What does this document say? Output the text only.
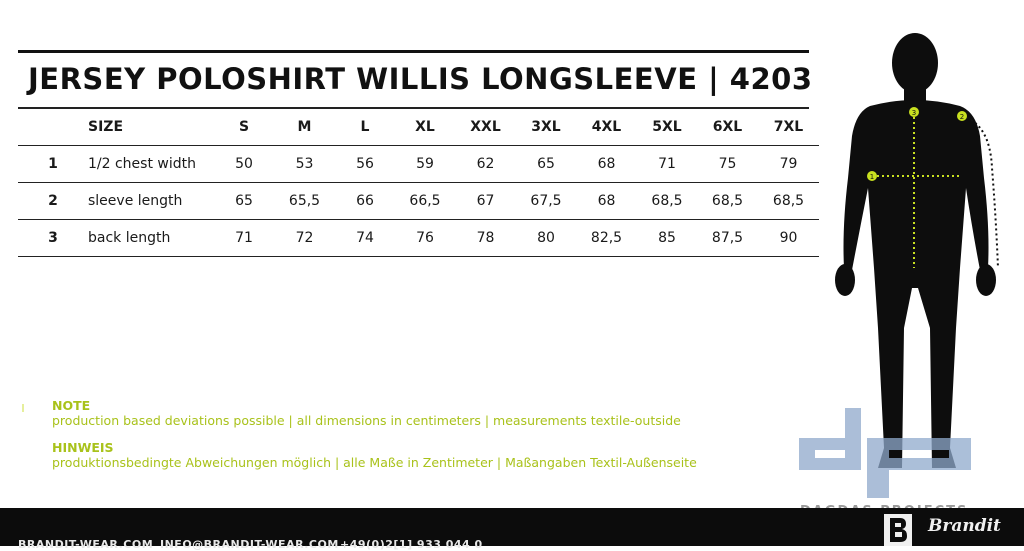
JERSEY POLOSHIRT WILLIS LONGSLEEVE | 4203
	SIZE	S	M	L	XL	XXL	3XL	4XL	5XL	6XL	7XL
1	1/2 chest width	50	53	56	59	62	65	68	71	75	79
2	sleeve length	65	65,5	66	66,5	67	67,5	68	68,5	68,5	68,5
3	back length	71	72	74	76	78	80	82,5	85	87,5	90
NOTE
production based deviations possible | all dimensions in centimeters | measurements textile-outside
HINWEIS
produktionsbedingte Abweichungen möglich | alle Maße in Zentimeter | Maßangaben Textil-Außenseite
1
2
3
BRANDIT-WEAR.COM INFO@BRANDIT-WEAR.COM +49(0)2[1] 933 044 0
Brandit
